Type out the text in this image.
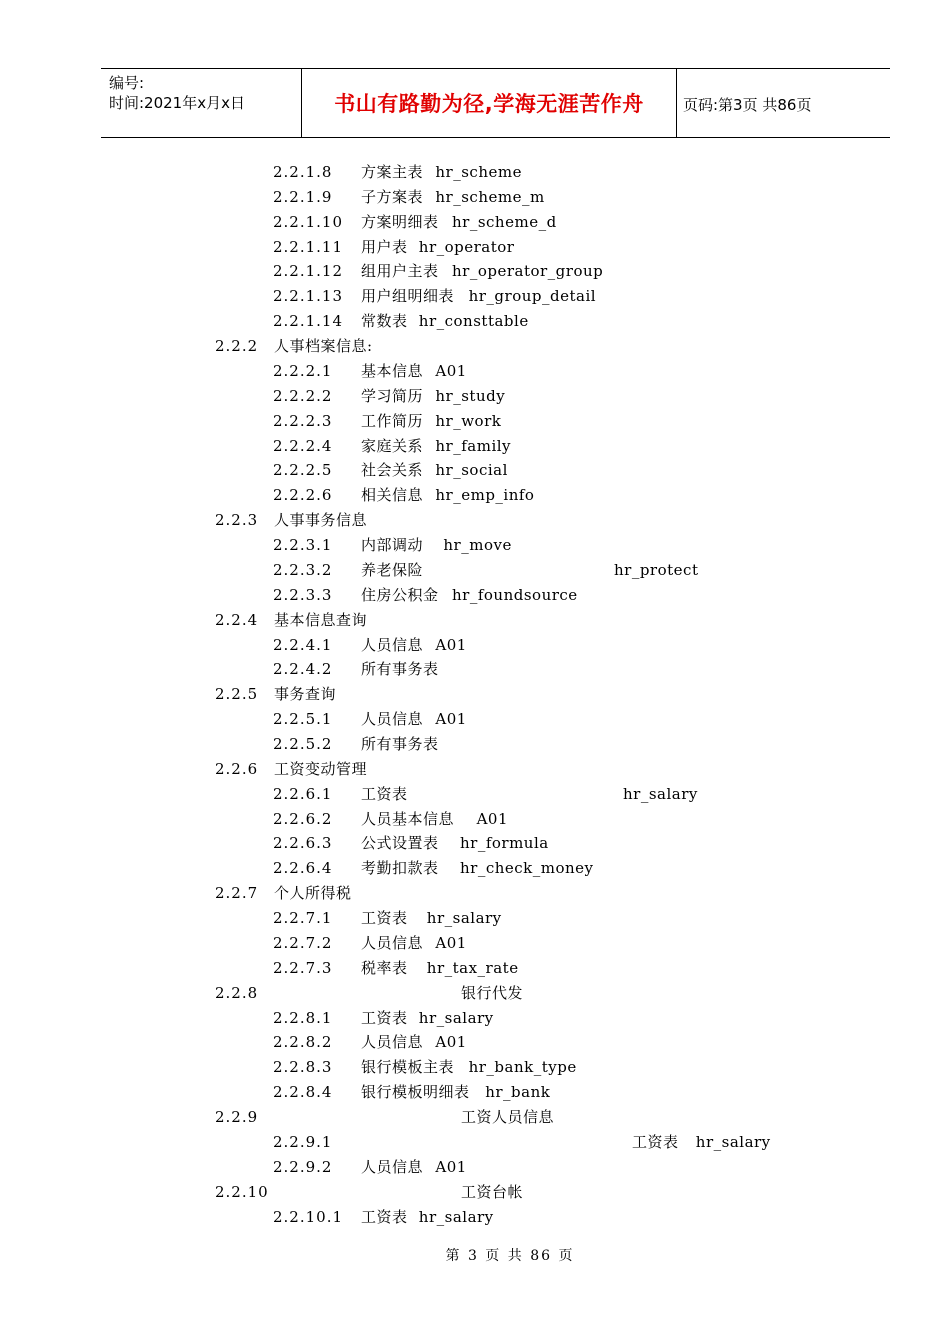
编号:
时间:2021年x月x日	书山有路勤为径,学海无涯苦作舟	页码:第3页 共86页
2.2.1.8 方案主表 hr_scheme
2.2.1.9 子方案表 hr_scheme_m
2.2.1.10 方案明细表 hr_scheme_d
2.2.1.11 用户表 hr_operator
2.2.1.12 组用户主表 hr_operator_group
2.2.1.13 用户组明细表 hr_group_detail
2.2.1.14 常数表 hr_consttable
2.2.2 人事档案信息:
2.2.2.1 基本信息 A01
2.2.2.2 学习简历 hr_study
2.2.2.3 工作简历 hr_work
2.2.2.4 家庭关系 hr_family
2.2.2.5 社会关系 hr_social
2.2.2.6 相关信息 hr_emp_info
2.2.3 人事事务信息
2.2.3.1 内部调动 hr_move
2.2.3.2 养老保险	hr_protect
2.2.3.3 住房公积金 hr_foundsource
2.2.4 基本信息查询
2.2.4.1 人员信息 A01
2.2.4.2 所有事务表
2.2.5 事务查询
2.2.5.1 人员信息 A01
2.2.5.2 所有事务表
2.2.6 工资变动管理
2.2.6.1 工资表	hr_salary
2.2.6.2 人员基本信息 A01
2.2.6.3 公式设置表 hr_formula
2.2.6.4 考勤扣款表 hr_check_money
2.2.7 个人所得税
2.2.7.1 工资表 hr_salary
2.2.7.2 人员信息 A01
2.2.7.3 税率表 hr_tax_rate
2.2.8	银行代发
2.2.8.1 工资表 hr_salary
2.2.8.2 人员信息 A01
2.2.8.3 银行模板主表 hr_bank_type
2.2.8.4 银行模板明细表 hr_bank
2.2.9	工资人员信息
2.2.9.1	工资表 hr_salary
2.2.9.2 人员信息 A01
2.2.10	工资台帐
2.2.10.1 工资表 hr_salary
第 3 页 共 86 页
